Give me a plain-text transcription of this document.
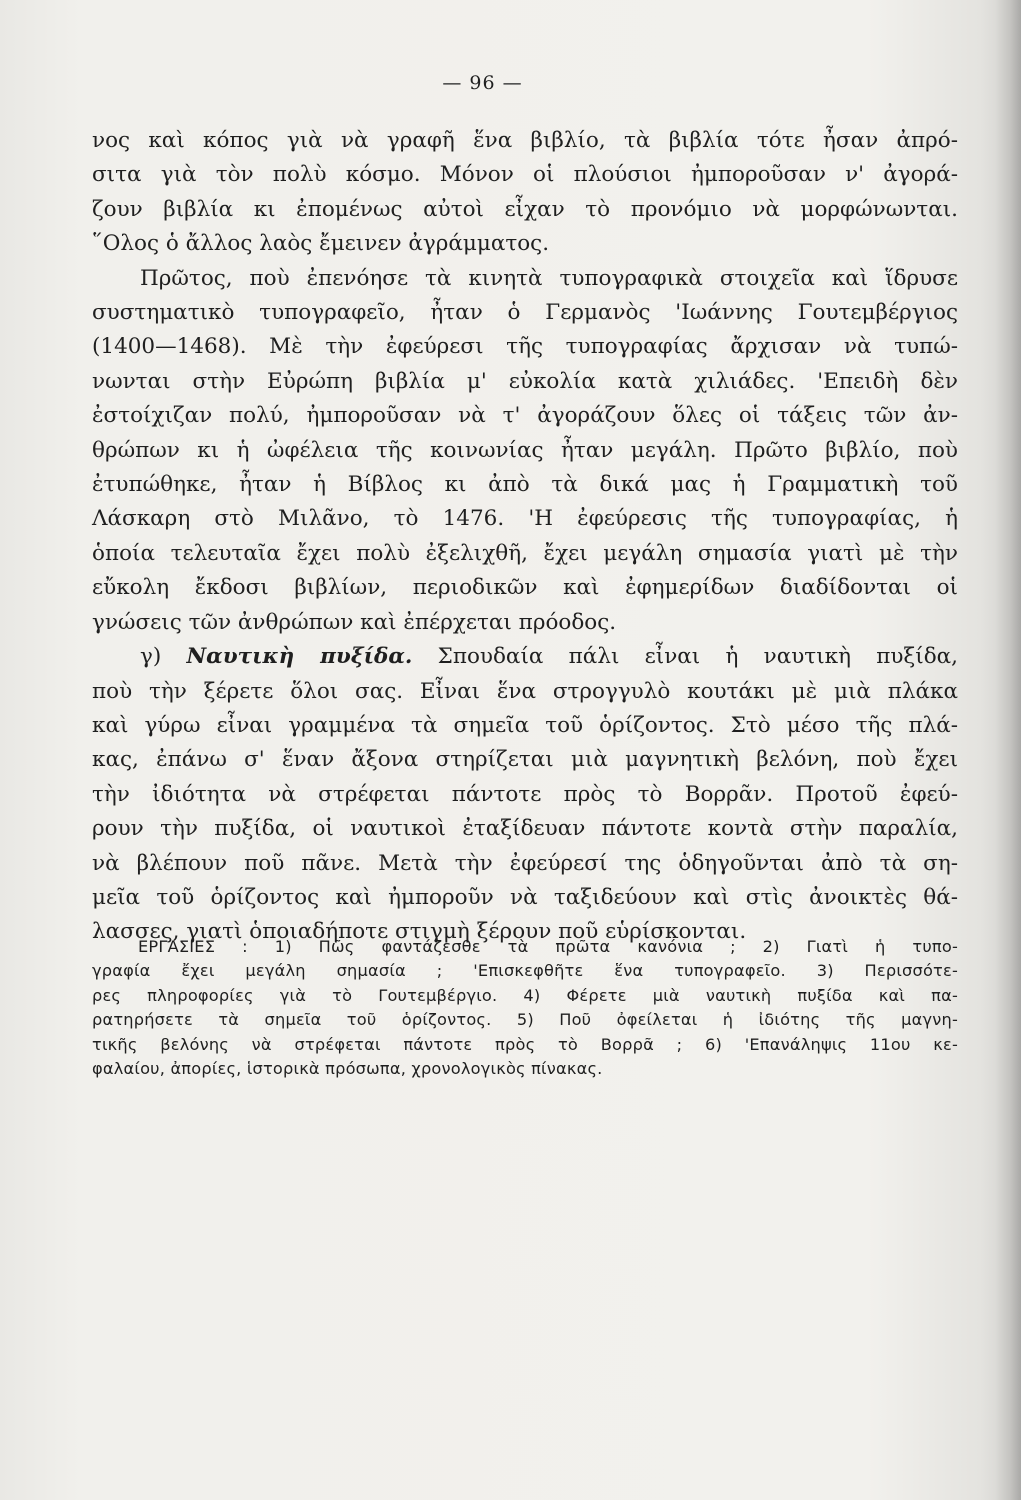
— 96 —
νος καὶ κόπος γιὰ νὰ γραφῆ ἕνα βιβλίο, τὰ βιβλία τότε ἦσαν ἀπρό-
σιτα γιὰ τὸν πολὺ κόσμο. Μόνον οἱ πλούσιοι ἠμποροῦσαν ν' ἀγορά-
ζουν βιβλία κι ἐπομένως αὐτοὶ εἶχαν τὸ προνόμιο νὰ μορφώνωνται.
῞Ολος ὁ ἄλλος λαὸς ἔμεινεν ἀγράμματος.
Πρῶτος, ποὺ ἐπενόησε τὰ κινητὰ τυπογραφικὰ στοιχεῖα καὶ ἵδρυσε
συστηματικὸ τυπογραφεῖο, ἦταν ὁ Γερμανὸς 'Ιωάννης Γουτεμβέργιος
(1400—1468). Μὲ τὴν ἐφεύρεσι τῆς τυπογραφίας ἄρχισαν νὰ τυπώ-
νωνται στὴν Εὐρώπη βιβλία μ' εὐκολία κατὰ χιλιάδες. 'Επειδὴ δὲν
ἐστοίχιζαν πολύ, ἠμποροῦσαν νὰ τ' ἀγοράζουν ὅλες οἱ τάξεις τῶν ἀν-
θρώπων κι ἡ ὠφέλεια τῆς κοινωνίας ἦταν μεγάλη. Πρῶτο βιβλίο, ποὺ
ἐτυπώθηκε, ἦταν ἡ Βίβλος κι ἀπὸ τὰ δικά μας ἡ Γραμματικὴ τοῦ
Λάσκαρη στὸ Μιλᾶνο, τὸ 1476. 'Η ἐφεύρεσις τῆς τυπογραφίας, ἡ
ὁποία τελευταῖα ἔχει πολὺ ἐξελιχθῆ, ἔχει μεγάλη σημασία γιατὶ μὲ τὴν
εὔκολη ἔκδοσι βιβλίων, περιοδικῶν καὶ ἐφημερίδων διαδίδονται οἱ
γνώσεις τῶν ἀνθρώπων καὶ ἐπέρχεται πρόοδος.
γ) Ναυτικὴ πυξίδα. Σπουδαία πάλι εἶναι ἡ ναυτικὴ πυξίδα,
ποὺ τὴν ξέρετε ὅλοι σας. Εἶναι ἕνα στρογγυλὸ κουτάκι μὲ μιὰ πλάκα
καὶ γύρω εἶναι γραμμένα τὰ σημεῖα τοῦ ὁρίζοντος. Στὸ μέσο τῆς πλά-
κας, ἐπάνω σ' ἕναν ἄξονα στηρίζεται μιὰ μαγνητικὴ βελόνη, ποὺ ἔχει
τὴν ἰδιότητα νὰ στρέφεται πάντοτε πρὸς τὸ Βορρᾶν. Προτοῦ ἐφεύ-
ρουν τὴν πυξίδα, οἱ ναυτικοὶ ἐταξίδευαν πάντοτε κοντὰ στὴν παραλία,
νὰ βλέπουν ποῦ πᾶνε. Μετὰ τὴν ἐφεύρεσί της ὁδηγοῦνται ἀπὸ τὰ ση-
μεῖα τοῦ ὁρίζοντος καὶ ἠμποροῦν νὰ ταξιδεύουν καὶ στὶς ἀνοικτὲς θά-
λασσες, γιατὶ ὁποιαδήποτε στιγμὴ ξέρουν ποῦ εὑρίσκονται.
ΕΡΓΑΣΙΕΣ : 1) Πῶς φαντάζεσθε τὰ πρῶτα κανόνια ; 2) Γιατὶ ἡ τυπο-
γραφία ἔχει μεγάλη σημασία ; 'Επισκεφθῆτε ἕνα τυπογραφεῖο. 3) Περισσότε-
ρες πληροφορίες γιὰ τὸ Γουτεμβέργιο. 4) Φέρετε μιὰ ναυτικὴ πυξίδα καὶ πα-
ρατηρήσετε τὰ σημεῖα τοῦ ὁρίζοντος. 5) Ποῦ ὀφείλεται ἡ ἰδιότης τῆς μαγνη-
τικῆς βελόνης νὰ στρέφεται πάντοτε πρὸς τὸ Βορρᾶ ; 6) 'Επανάληψις 11ου κε-
φαλαίου, ἀπορίες, ἱστορικὰ πρόσωπα, χρονολογικὸς πίνακας.
